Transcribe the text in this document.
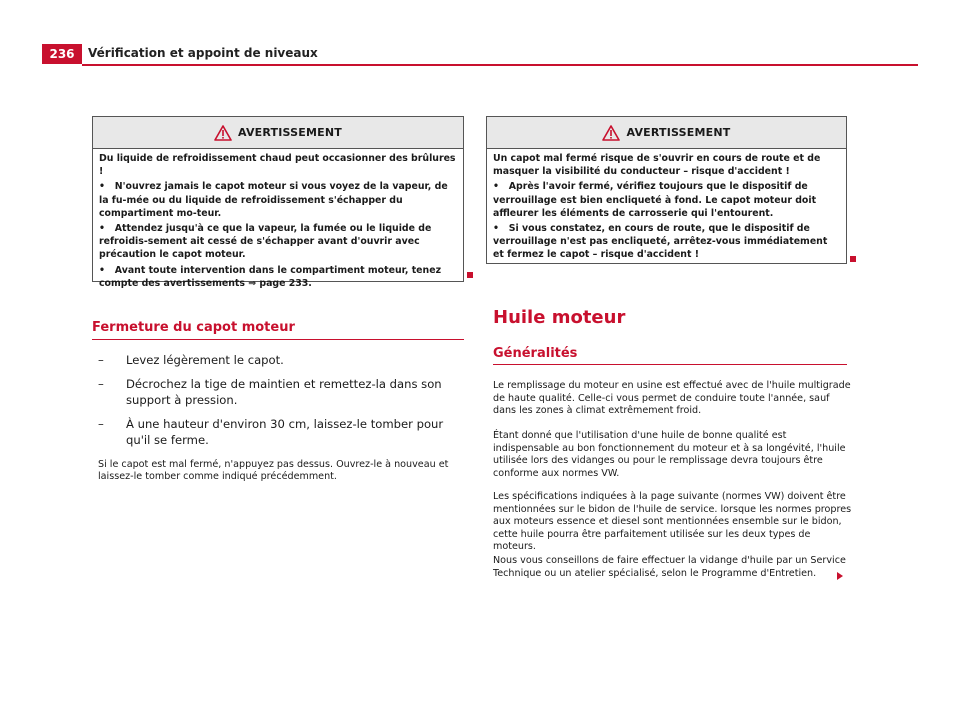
236	Vérification et appoint de niveaux
AVERTISSEMENT

Du liquide de refroidissement chaud peut occasionner des brûlures !

•   N'ouvrez jamais le capot moteur si vous voyez de la vapeur, de la fu-mée ou du liquide de refroidissement s'échapper du compartiment mo-teur.

•   Attendez jusqu'à ce que la vapeur, la fumée ou le liquide de refroidis-sement ait cessé de s'échapper avant d'ouvrir avec précaution le capot moteur.

•   Avant toute intervention dans le compartiment moteur, tenez compte des avertissements ⇒ page 233.

AVERTISSEMENT

Un capot mal fermé risque de s'ouvrir en cours de route et de masquer la visibilité du conducteur – risque d'accident !

•   Après l'avoir fermé, vérifiez toujours que le dispositif de verrouillage est bien encliqueté à fond. Le capot moteur doit affleurer les éléments de carrosserie qui l'entourent.

•   Si vous constatez, en cours de route, que le dispositif de verrouillage n'est pas encliqueté, arrêtez-vous immédiatement et fermez le capot – risque d'accident !

Fermeture du capot moteur
– Levez légèrement le capot.
– Décrochez la tige de maintien et remettez-la dans son support à pression.
– À une hauteur d'environ 30 cm, laissez-le tomber pour qu'il se ferme.
Si le capot est mal fermé, n'appuyez pas dessus. Ouvrez-le à nouveau et laissez-le tomber comme indiqué précédemment.
Huile moteur
Généralités
Le remplissage du moteur en usine est effectué avec de l'huile multigrade de haute qualité. Celle-ci vous permet de conduire toute l'année, sauf dans les zones à climat extrêmement froid.
Étant donné que l'utilisation d'une huile de bonne qualité est indispensable au bon fonctionnement du moteur et à sa longévité, l'huile utilisée lors des vidanges ou pour le remplissage devra toujours être conforme aux normes VW.
Les spécifications indiquées à la page suivante (normes VW) doivent être mentionnées sur le bidon de l'huile de service. lorsque les normes propres aux moteurs essence et diesel sont mentionnées ensemble sur le bidon, cette huile pourra être parfaitement utilisée sur les deux types de moteurs.
Nous vous conseillons de faire effectuer la vidange d'huile par un Service Technique ou un atelier spécialisé, selon le Programme d'Entretien.
